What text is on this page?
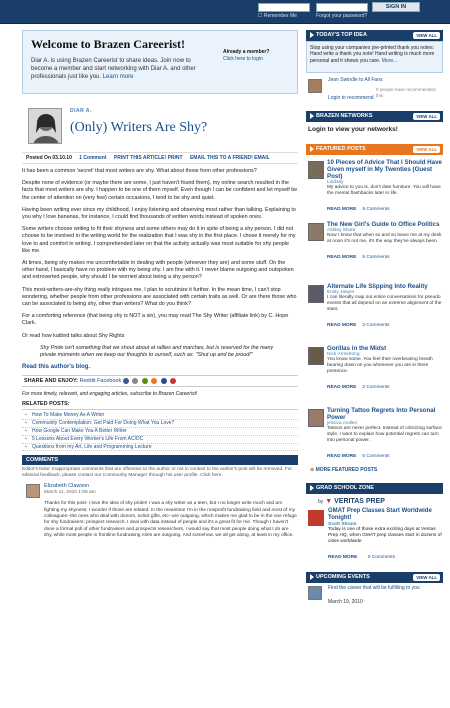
☐ Remember Me	Forgot your password?
SIGN IN
Welcome to Brazen Careerist!

Diar A. is using Brazen Careerist to share ideas. Join now to become a member and start networking with Diar A. and other professionals just like you. Learn more

Already a member?
Click here to login
DIAR A.
(Only) Writers Are Shy?
Posted On 03.10.10 1 Comment PRINT THIS ARTICLE! PRINT EMAIL THIS TO A FRIEND! EMAIL

It has been a common 'secret' that most writers are shy. What about those from other professions?

Despite none of evidence (or maybe there are some, I just haven't found them), my online search resulted in the facts that most writers are shy. I happen to be one of them myself. Even though I can be confident and let myself be the center of attention on (very few) certain occasions, I tend to be shy and quiet.

Having been writing ever since my childhood, I enjoy listening and observing most rather than talking. Explaining to you why I love bananas, for instance, I could find thousands of written words instead of spoken ones.

Some writers choose writing to fit their shyness and some others may do it in spite of being a shy person. I did not choose to be involved in the writing world for the realization that I was shy in the first place. I chose it merely for my love to and comfort in writing. I comprehended later on that the activity actually was most suitable for shy people like me.

At times, being shy makes me uncomfortable in dealing with people (whoever they are) and some stuff. On the other hand, I basically have no problem with my being shy. I am fine with it. I never blame outgoing and outspoken and extroverted people, why should I be worried about being a shy person?

This most-writers-are-shy thing really intrigues me, I plan to scrutinize it further. In the mean time, I can't stop wondering, whether people from other professions are associated with certain traits as well. Or are there those who can be associated to being shy, other than writers? What do you think?

For a comforting reference (that being shy is NOT a sin), you may read The Shy Writer (affiliate link) by C. Hope Clark.

Or read how katbird talks about Shy Rights

Shy Pride isn't something that we shout about at rallies and marches, but is reserved for the many private moments when we keep our thoughts to ourself, such as: "Shut up and be proud!"

Read this author's blog.
SHARE AND ENJOY: Reddit Facebook

For more timely, relevant, and engaging articles, subscribe to Brazen Careerist!

RELATED POSTS:
▪ How To Make Money As A Writer
▪ Community Contemplation: Get Paid For Doing What You Love?
▪ How Google Can Make You A Better Writer
▪ 5 Lessons About Every Worker's Life From AC/DC
▪ Questions from my Art, Life and Programming Lecture
COMMENTS

Editor's Note: Inappropriate comments that are offensive to the author or not in context to the author's post will be removed. For editorial feedback, please contact our Community Manager through his user profile. Click here.

Elizabeth Clawson
March 11, 2010 1:05 am
Thanks for this post- I love the idea of shy pride!! I was a shy writer as a teen, but I no longer write much and am fighting my shyness; I wonder if those are related. In the meantime I'm in the nonprofit fundraising field and most of my colleagues--the ones who deal with donors, solicit gifts, etc--are outgoing, which makes me glad to be in the one refuge for shy fundraisers: prospect research. I deal with data instead of people and it's a great fit for me. Though I haven't done a formal poll of other fundraisers and prospects researchers, I would say that most people doing what I do are shy, while most people in frontline fundraising roles are outgoing. And somehow, we all get along, at least in my office.
TODAY'S TOP IDEA	VIEW ALL
Stop using your companies pre-printed thank you notes: Hand write a thank you note! Hand writing is much more personal and it shows you care. More...
Jean Swindle to All Fans
0 people have recommended this
Login to recommend
BRAZEN NETWORKS	VIEW ALL
Login to view your networks!
FEATURED POSTS	VIEW ALL
10 Pieces of Advice That I Should Have Given myself in My Twenties (Guest Post)
Lindsey
My advice to you is, don't date furniture. You will have the mental flashbacks later in life.
READ MORE 9 Comments
The New Girl's Guide to Office Politics
Ashley Shute
Now I know that when so and so leave me at my desk at noon it's not me, it's the way they've always been.
READ MORE 5 Comments
Alternate Life Slipping Into Reality
Emily Jasper
I can literally map out entire conversations for pseudo events that all depend on an extreme alignment of the stars.
READ MORE 3 Comments
Gorillas in the Midst
Nick Armstrong
You know some. You feel their overbearing breath bearing down on you whenever you are in there presence.
READ MORE 2 Comments
Turning Tattoo Regrets Into Personal Power
jessica mullen
Tattoos are never perfect. Instead of criticizing surface style, I want to explain how potential regrets can turn into personal power.
READ MORE 5 Comments
⊕ MORE FEATURED POSTS
GRAD SCHOOL ZONE
by ▼ VERITAS PREP
GMAT Prep Classes Start Worldwide Tonight!
Scott Shrum
Today is one of those extra exciting days at Veritas Prep HQ, when GMAT prep classes start in dozens of cities worldwide
READ MORE 0 Comments
UPCOMING EVENTS	VIEW ALL
Find the career that will be fulfilling to you
March 19, 2010
